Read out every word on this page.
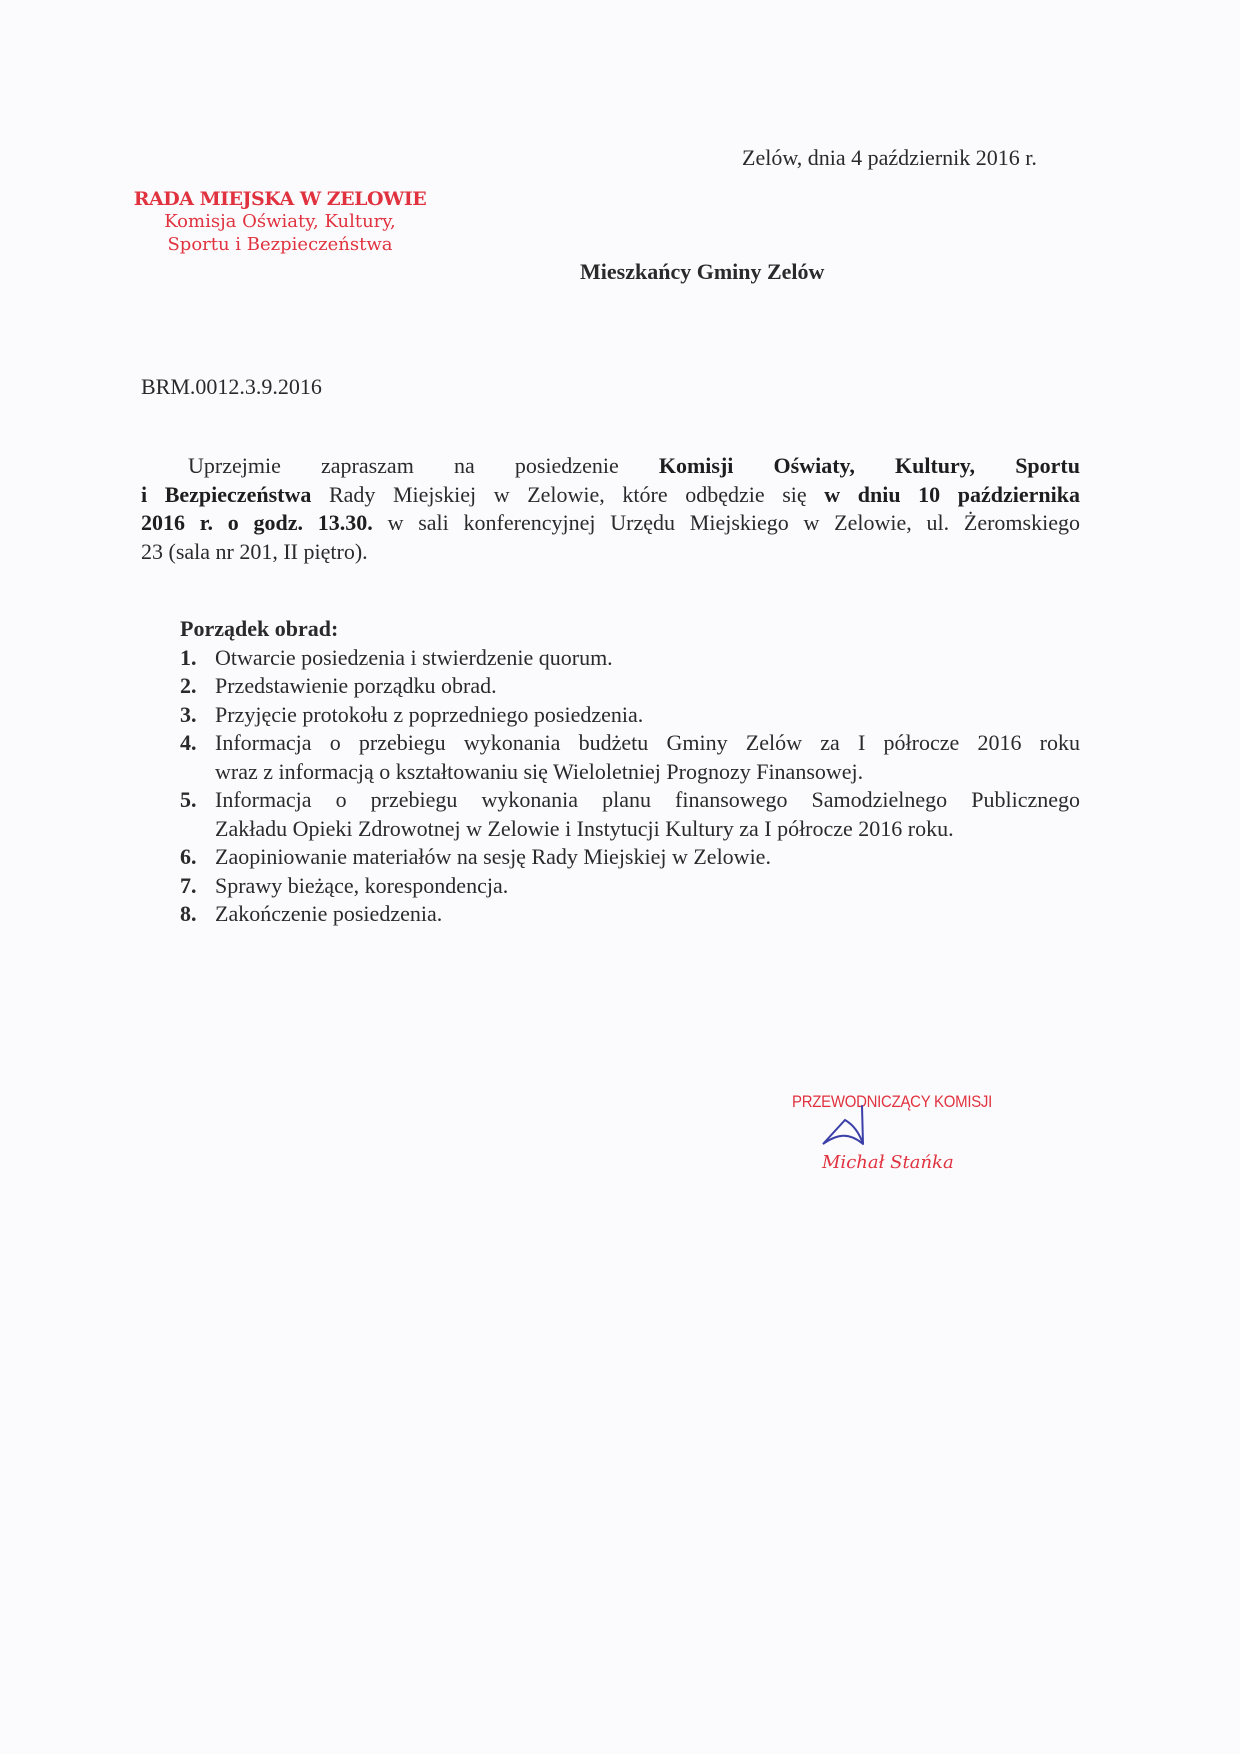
RADA MIEJSKA W ZELOWIE
Komisja Oświaty, Kultury,
Sportu i Bezpieczeństwa
Zelów, dnia 4 październik 2016 r.
Mieszkańcy Gminy Zelów
BRM.0012.3.9.2016
Uprzejmie zapraszam na posiedzenie Komisji Oświaty, Kultury, Sportu
i Bezpieczeństwa Rady Miejskiej w Zelowie, które odbędzie się w dniu 10 października
2016 r. o godz. 13.30. w sali konferencyjnej Urzędu Miejskiego w Zelowie, ul. Żeromskiego
23 (sala nr 201, II piętro).
Porządek obrad:
1. Otwarcie posiedzenia i stwierdzenie quorum.
2. Przedstawienie porządku obrad.
3. Przyjęcie protokołu z poprzedniego posiedzenia.
4. Informacja o przebiegu wykonania budżetu Gminy Zelów za I półrocze 2016 roku
wraz z informacją o kształtowaniu się Wieloletniej Prognozy Finansowej.
5. Informacja o przebiegu wykonania planu finansowego Samodzielnego Publicznego
Zakładu Opieki Zdrowotnej w Zelowie i Instytucji Kultury za I półrocze 2016 roku.
6. Zaopiniowanie materiałów na sesję Rady Miejskiej w Zelowie.
7. Sprawy bieżące, korespondencja.
8. Zakończenie posiedzenia.
PRZEWODNICZĄCY KOMISJI
Michał Stańka
